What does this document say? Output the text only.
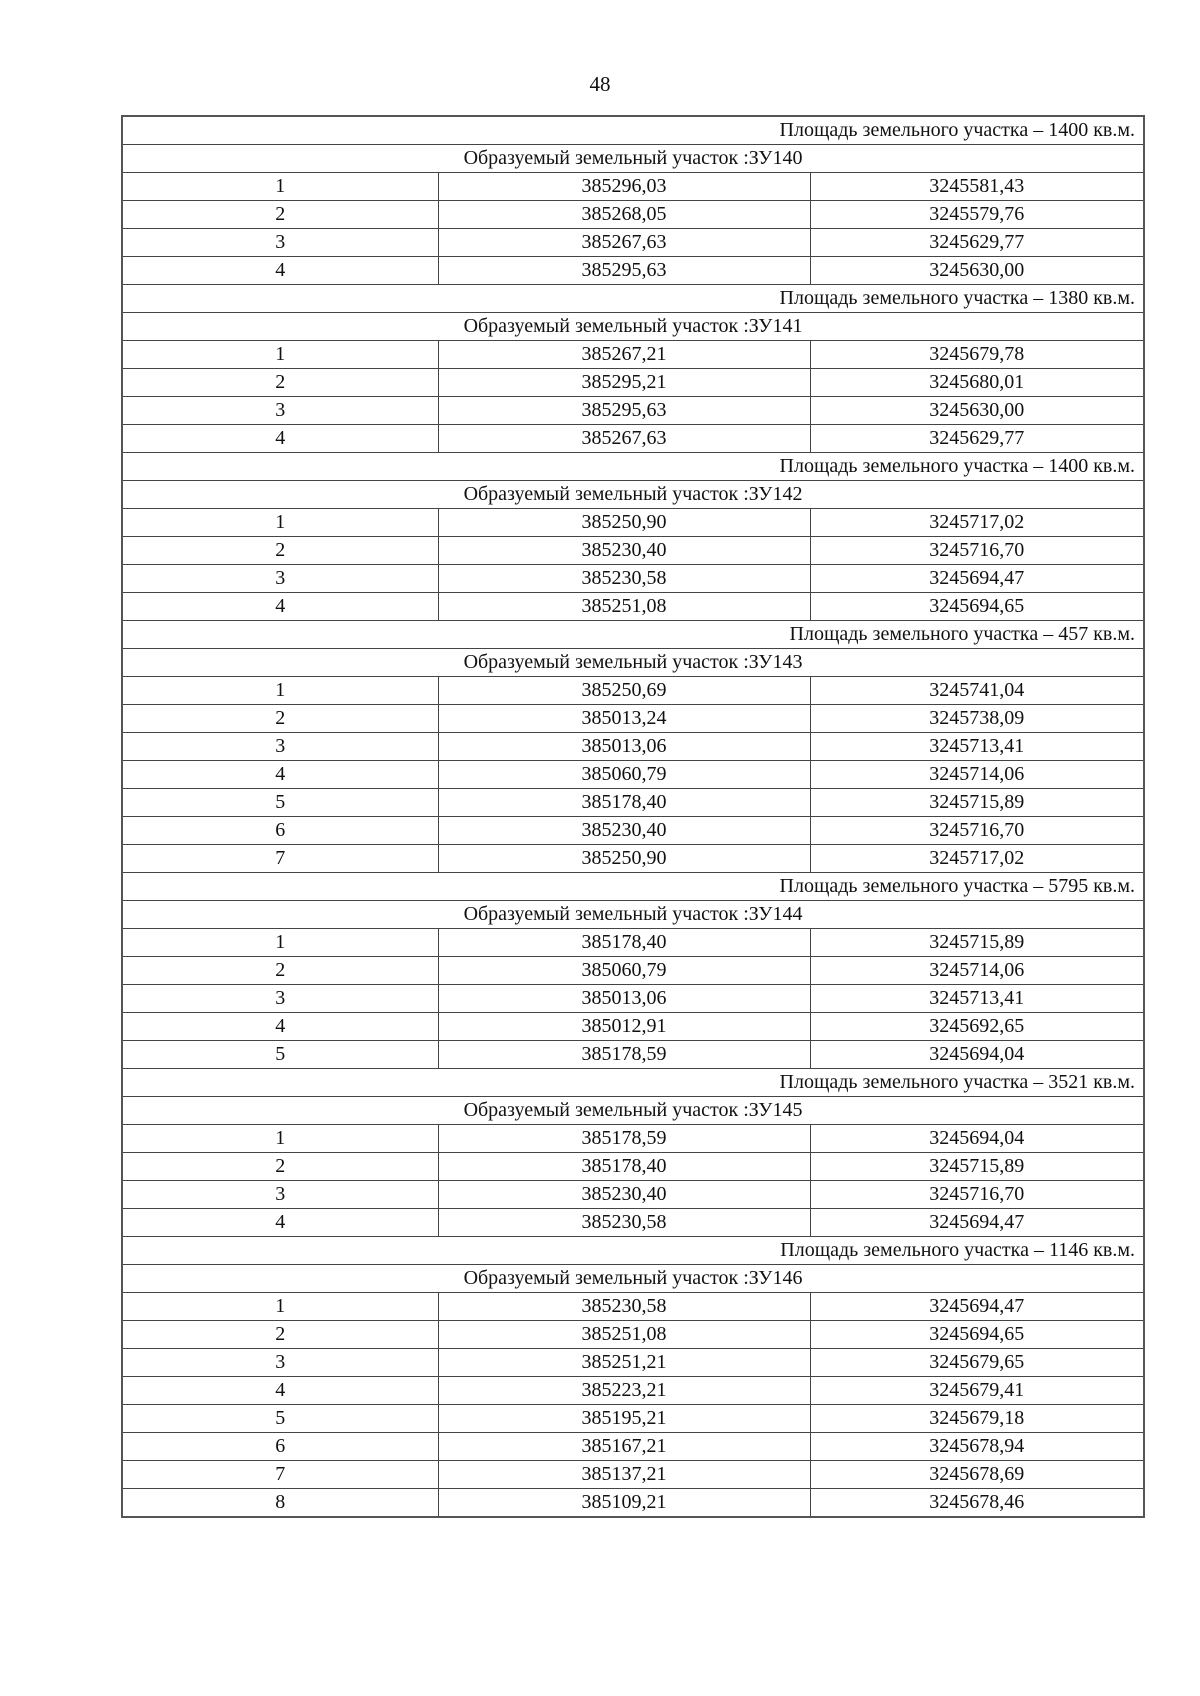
48
Площадь земельного участка – 1400 кв.м.		
Образуемый земельный участок :ЗУ140		
1	385296,03	3245581,43
2	385268,05	3245579,76
3	385267,63	3245629,77
4	385295,63	3245630,00
Площадь земельного участка – 1380 кв.м.		
Образуемый земельный участок :ЗУ141		
1	385267,21	3245679,78
2	385295,21	3245680,01
3	385295,63	3245630,00
4	385267,63	3245629,77
Площадь земельного участка – 1400 кв.м.		
Образуемый земельный участок :ЗУ142		
1	385250,90	3245717,02
2	385230,40	3245716,70
3	385230,58	3245694,47
4	385251,08	3245694,65
Площадь земельного участка – 457 кв.м.		
Образуемый земельный участок :ЗУ143		
1	385250,69	3245741,04
2	385013,24	3245738,09
3	385013,06	3245713,41
4	385060,79	3245714,06
5	385178,40	3245715,89
6	385230,40	3245716,70
7	385250,90	3245717,02
Площадь земельного участка – 5795 кв.м.		
Образуемый земельный участок :ЗУ144		
1	385178,40	3245715,89
2	385060,79	3245714,06
3	385013,06	3245713,41
4	385012,91	3245692,65
5	385178,59	3245694,04
Площадь земельного участка – 3521 кв.м.		
Образуемый земельный участок :ЗУ145		
1	385178,59	3245694,04
2	385178,40	3245715,89
3	385230,40	3245716,70
4	385230,58	3245694,47
Площадь земельного участка – 1146 кв.м.		
Образуемый земельный участок :ЗУ146		
1	385230,58	3245694,47
2	385251,08	3245694,65
3	385251,21	3245679,65
4	385223,21	3245679,41
5	385195,21	3245679,18
6	385167,21	3245678,94
7	385137,21	3245678,69
8	385109,21	3245678,46
